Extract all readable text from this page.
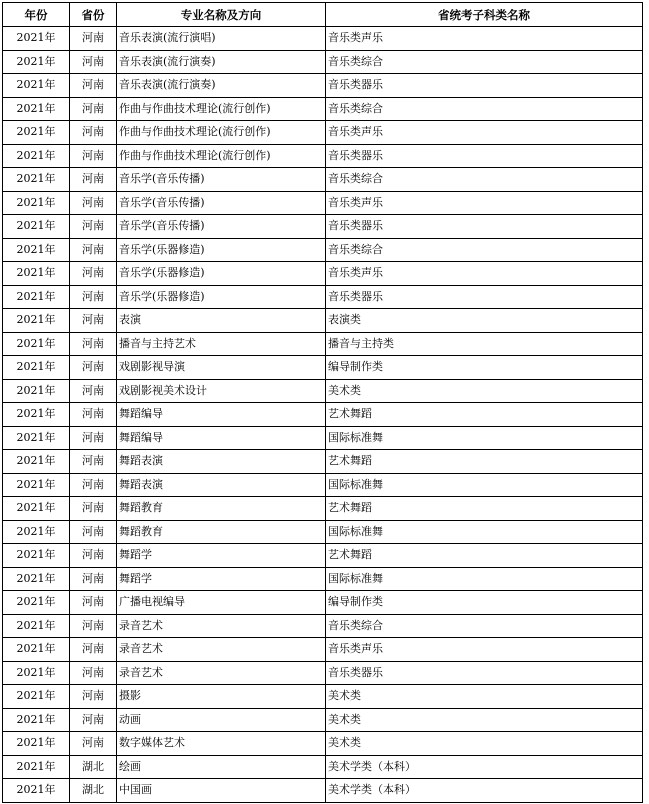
年份	省份	专业名称及方向	省统考子科类名称
2021年	河南	音乐表演(流行演唱)	音乐类声乐
2021年	河南	音乐表演(流行演奏)	音乐类综合
2021年	河南	音乐表演(流行演奏)	音乐类器乐
2021年	河南	作曲与作曲技术理论(流行创作)	音乐类综合
2021年	河南	作曲与作曲技术理论(流行创作)	音乐类声乐
2021年	河南	作曲与作曲技术理论(流行创作)	音乐类器乐
2021年	河南	音乐学(音乐传播)	音乐类综合
2021年	河南	音乐学(音乐传播)	音乐类声乐
2021年	河南	音乐学(音乐传播)	音乐类器乐
2021年	河南	音乐学(乐器修造)	音乐类综合
2021年	河南	音乐学(乐器修造)	音乐类声乐
2021年	河南	音乐学(乐器修造)	音乐类器乐
2021年	河南	表演	表演类
2021年	河南	播音与主持艺术	播音与主持类
2021年	河南	戏剧影视导演	编导制作类
2021年	河南	戏剧影视美术设计	美术类
2021年	河南	舞蹈编导	艺术舞蹈
2021年	河南	舞蹈编导	国际标准舞
2021年	河南	舞蹈表演	艺术舞蹈
2021年	河南	舞蹈表演	国际标准舞
2021年	河南	舞蹈教育	艺术舞蹈
2021年	河南	舞蹈教育	国际标准舞
2021年	河南	舞蹈学	艺术舞蹈
2021年	河南	舞蹈学	国际标准舞
2021年	河南	广播电视编导	编导制作类
2021年	河南	录音艺术	音乐类综合
2021年	河南	录音艺术	音乐类声乐
2021年	河南	录音艺术	音乐类器乐
2021年	河南	摄影	美术类
2021年	河南	动画	美术类
2021年	河南	数字媒体艺术	美术类
2021年	湖北	绘画	美术学类（本科）
2021年	湖北	中国画	美术学类（本科）
